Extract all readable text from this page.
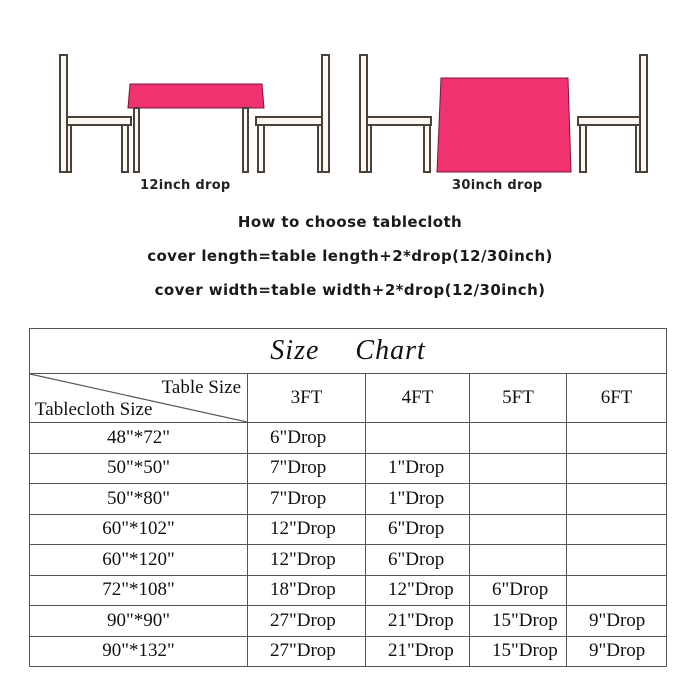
12inch drop	30inch drop
How to choose tablecloth
cover length=table length+2*drop(12/30inch)
cover width=table width+2*drop(12/30inch)
Size Chart				

Table Size
Tablecloth Size	3FT	4FT	5FT	6FT
48"*72"	6"Drop			
50"*50"	7"Drop	1"Drop		
50"*80"	7"Drop	1"Drop		
60"*102"	12"Drop	6"Drop		
60"*120"	12"Drop	6"Drop		
72"*108"	18"Drop	12"Drop	6"Drop	
90"*90"	27"Drop	21"Drop	15"Drop	9"Drop
90"*132"	27"Drop	21"Drop	15"Drop	9"Drop
